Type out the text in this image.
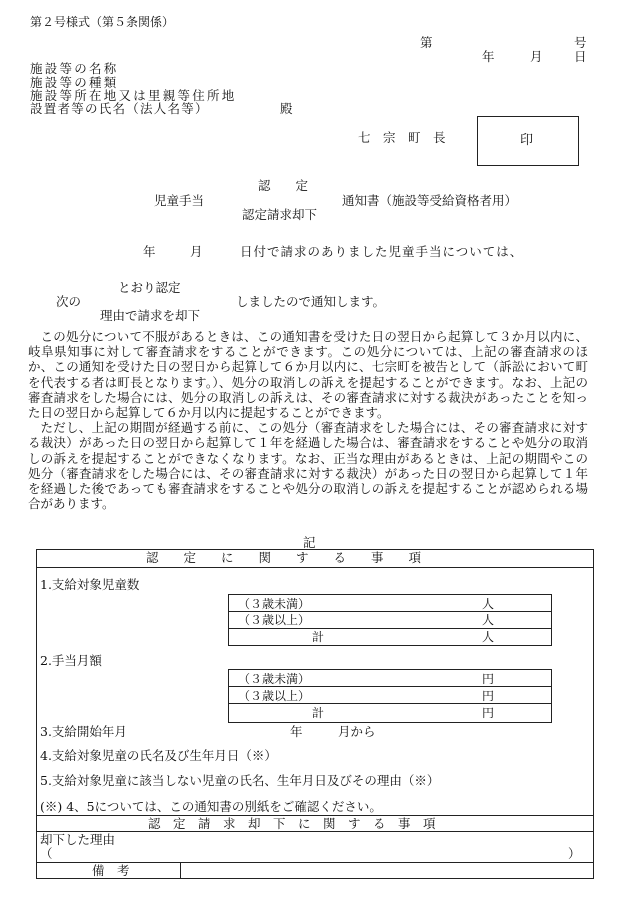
第２号様式（第５条関係）
第	号
年	月	日
施設等の名称
施設等の種類
施設等所在地又は里親等住所地
設置者等の氏名（法人名等）	殿
七　宗　町　長	印
認　　定
児童手当	通知書（施設等受給資格者用）
認定請求却下
年	月	日付で請求のありました児童手当については、
とおり認定
次の	しましたので通知します。
理由で請求を却下

この処分について不服があるときは、この通知書を受けた日の翌日から起算して３か月以内に、岐阜県知事に対して審査請求をすることができます。この処分については、上記の審査請求のほか、この通知を受けた日の翌日から起算して６か月以内に、七宗町を被告として（訴訟において町を代表する者は町長となります。）、処分の取消しの訴えを提起することができます。なお、上記の審査請求をした場合には、処分の取消しの訴えは、その審査請求に対する裁決があったことを知った日の翌日から起算して６か月以内に提起することができます。

ただし、上記の期間が経過する前に、この処分（審査請求をした場合には、その審査請求に対する裁決）があった日の翌日から起算して１年を経過した場合は、審査請求をすることや処分の取消しの訴えを提起することができなくなります。なお、正当な理由があるときは、上記の期間やこの処分（審査請求をした場合には、その審査請求に対する裁決）があった日の翌日から起算して１年を経過した後であっても審査請求をすることや処分の取消しの訴えを提起することが認められる場合があります。

記
認　　定　　に　　関　　す　　る　　事　　項
1.支給対象児童数
（３歳未満）	人
（３歳以上）	人
計	人
2.手当月額
（３歳未満）	円
（３歳以上）	円
計	円
3.支給開始年月	年	月から
4.支給対象児童の氏名及び生年月日（※）
5.支給対象児童に該当しない児童の氏名、生年月日及びその理由（※）
(※) 4、5については、この通知書の別紙をご確認ください。
認　定　請　求　却　下　に　関　す　る　事　項
却下した理由
（	）
備　考
